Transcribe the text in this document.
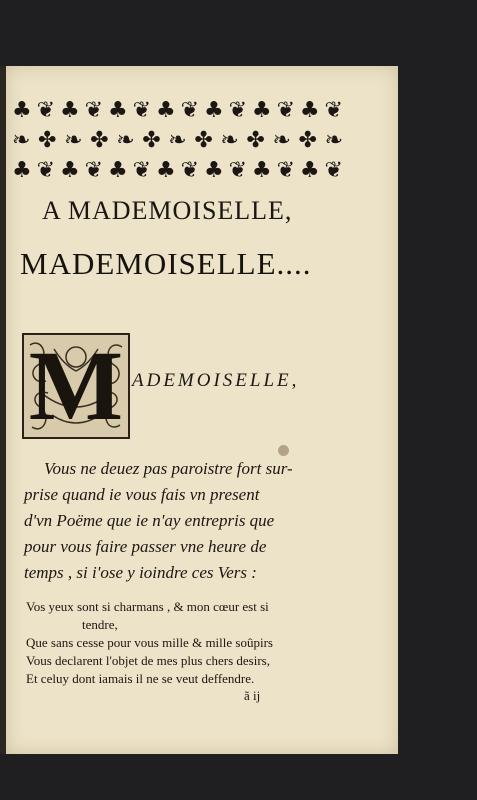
♣ ❦ ♣ ❦ ♣ ❦ ♣ ❦ ♣ ❦ ♣ ❦ ♣ ❦
❧ ✤ ❧ ✤ ❧ ✤ ❧ ✤ ❧ ✤ ❧ ✤ ❧
♣ ❦ ♣ ❦ ♣ ❦ ♣ ❦ ♣ ❦ ♣ ❦ ♣ ❦
A MADEMOISELLE,
MADEMOISELLE....
M ADEMOISELLE,
Vous ne deuez pas paroistre fort sur-
prise quand ie vous fais vn present
d'vn Poëme que ie n'ay entrepris que
pour vous faire passer vne heure de
temps , si i'ose y ioindre ces Vers :
Vos yeux sont si charmans , & mon cœur est si
tendre,
Que sans cesse pour vous mille & mille soûpirs
Vous declarent l'objet de mes plus chers desirs,
Et celuy dont iamais il ne se veut deffendre.
ã ij
